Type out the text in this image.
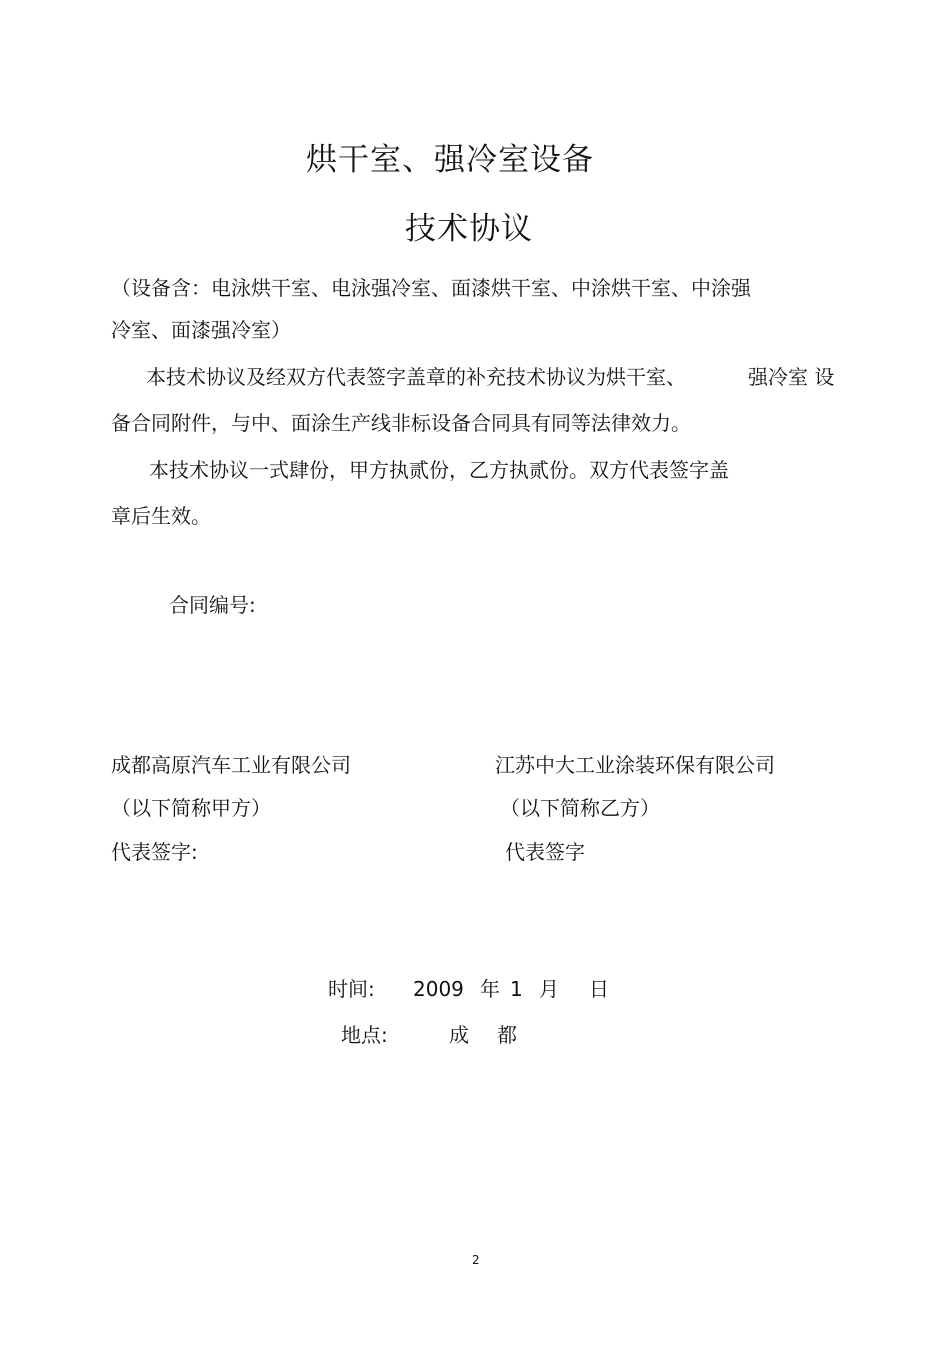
烘干室、强冷室设备
技术协议
（设备含：电泳烘干室、电泳强冷室、面漆烘干室、中涂烘干室、中涂强
冷室、面漆强冷室）
本技术协议及经双方代表签字盖章的补充技术协议为烘干室、	强冷室 设
备合同附件，与中、面涂生产线非标设备合同具有同等法律效力。
本技术协议一式肆份，甲方执贰份，乙方执贰份。双方代表签字盖
章后生效。
合同编号:
成都高原汽车工业有限公司
（以下简称甲方）
代表签字:
江苏中大工业涂装环保有限公司
（以下简称乙方）
代表签字
时间: 2009 年 1 月 日
地点:	成 都
2
